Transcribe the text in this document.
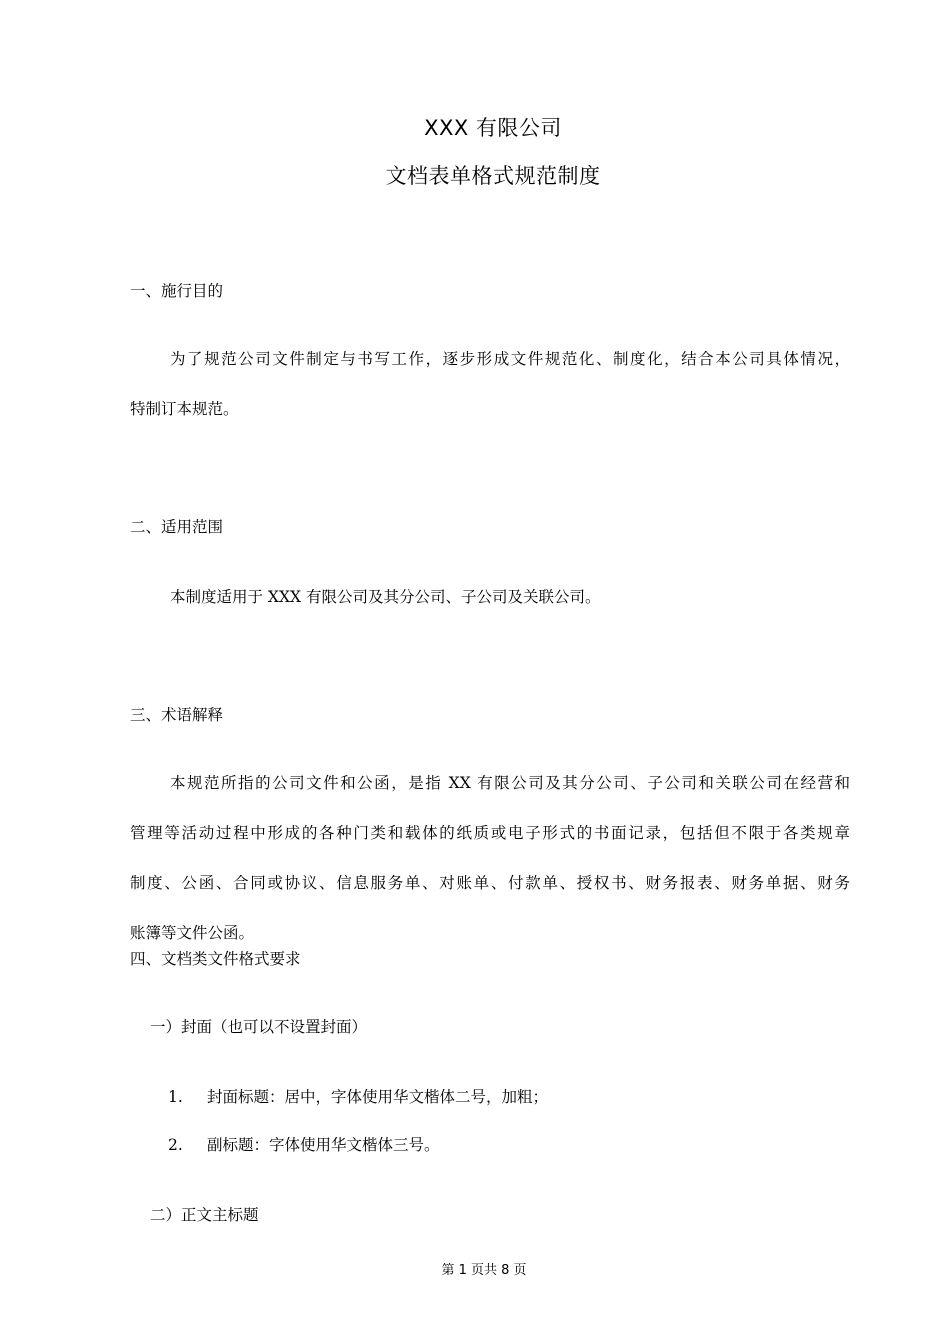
XXX 有限公司
文档表单格式规范制度
一、施行目的
为了规范公司文件制定与书写工作，逐步形成文件规范化、制度化，结合本公司具体情况，
特制订本规范。
二、适用范围
本制度适用于 XXX 有限公司及其分公司、子公司及关联公司。
三、术语解释
本规范所指的公司文件和公函，是指 XX 有限公司及其分公司、子公司和关联公司在经营和
管理等活动过程中形成的各种门类和载体的纸质或电子形式的书面记录，包括但不限于各类规章
制度、公函、合同或协议、信息服务单、对账单、付款单、授权书、财务报表、财务单据、财务
账簿等文件公函。
四、文档类文件格式要求
一）封面（也可以不设置封面）
1. 封面标题：居中，字体使用华文楷体二号，加粗；
2. 副标题：字体使用华文楷体三号。
二）正文主标题
第 1 页共 8 页
